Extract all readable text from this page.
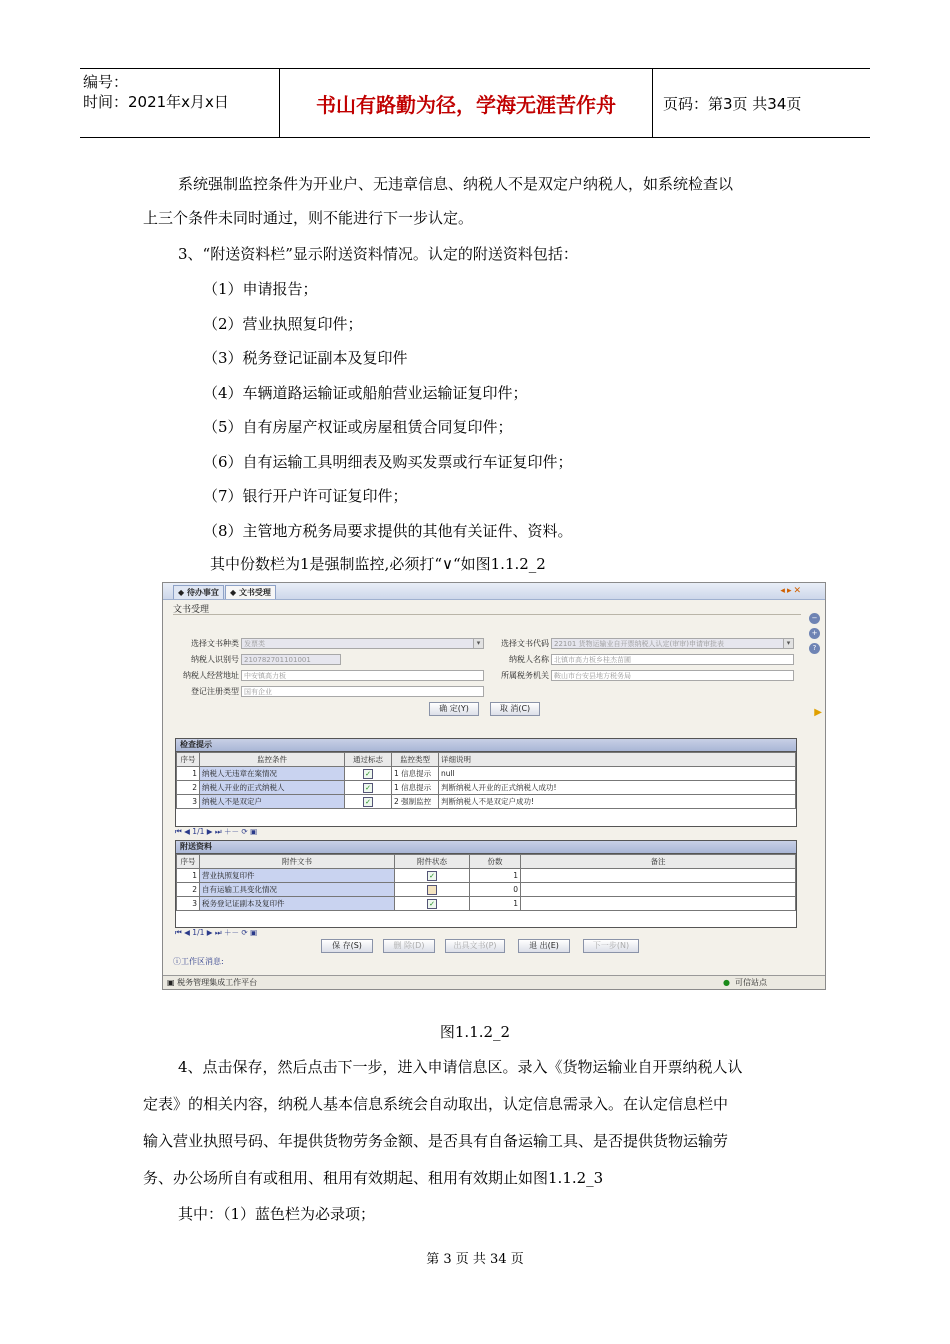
编号：
时间：2021年x月x日	书山有路勤为径，学海无涯苦作舟	页码：第3页 共34页
系统强制监控条件为开业户、无违章信息、纳税人不是双定户纳税人，如系统检查以
上三个条件未同时通过，则不能进行下一步认定。
3、“附送资料栏”显示附送资料情况。认定的附送资料包括：
（1）申请报告；
（2）营业执照复印件；
（3）税务登记证副本及复印件
（4）车辆道路运输证或船舶营业运输证复印件；
（5）自有房屋产权证或房屋租赁合同复印件；
（6）自有运输工具明细表及购买发票或行车证复印件；
（7）银行开户许可证复印件；
（8）主管地方税务局要求提供的其他有关证件、资料。
其中份数栏为1是强制监控,必须打“∨“如图1.1.2_2
◆ 待办事宜	◆ 文书受理	◂▸✕
文书受理
−
+
?
▶
选择文书种类 发票类 ▾	选择文书代码 22101 货物运输业自开票纳税人认定(审审)申请审批表 ▾
纳税人识别号 210782701101001	纳税人名称 北镇市高力板乡桂杰苗圃
纳税人经营地址 中安镇高力板	所属税务机关 鞍山市台安县地方税务局
登记注册类型 国有企业
确 定(Y)	取 消(C)
检查提示
序号	监控条件	通过标志	监控类型	详细说明
1	纳税人无违章在案情况	✓	1 信息提示	null
2	纳税人开业的正式纳税人	✓	1 信息提示	判断纳税人开业的正式纳税人成功!
3	纳税人不是双定户	✓	2 强制监控	判断纳税人不是双定户成功!
⏮ ◀ 1/1 ▶ ⏭ ＋－ ⟳ ▣
附送资料
序号	附件文书	附件状态	份数	备注
1	营业执照复印件	✓	1	
2	自有运输工具变化情况		0	
3	税务登记证副本及复印件	✓	1	
⏮ ◀ 1/1 ▶ ⏭ ＋－ ⟳ ▣
保 存(S)	删 除(D)	出具文书(P)	退 出(E)	下一步(N)
ⓘ工作区消息:
▣ 税务管理集成工作平台	● 可信站点
图1.1.2_2
4、点击保存，然后点击下一步，进入申请信息区。录入《货物运输业自开票纳税人认
定表》的相关内容，纳税人基本信息系统会自动取出，认定信息需录入。在认定信息栏中
输入营业执照号码、年提供货物劳务金额、是否具有自备运输工具、是否提供货物运输劳
务、办公场所自有或租用、租用有效期起、租用有效期止如图1.1.2_3
其中：（1）蓝色栏为必录项；
第 3 页 共 34 页
